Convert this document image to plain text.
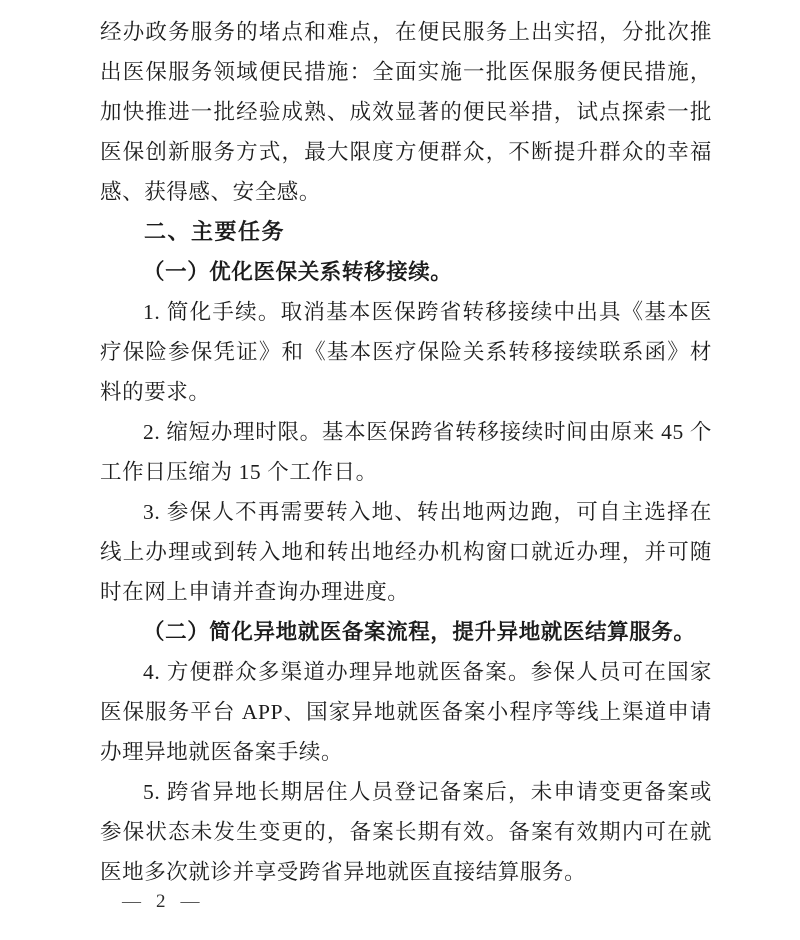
经办政务服务的堵点和难点，在便民服务上出实招，分批次推出医保服务领域便民措施：全面实施一批医保服务便民措施，加快推进一批经验成熟、成效显著的便民举措，试点探索一批医保创新服务方式，最大限度方便群众，不断提升群众的幸福感、获得感、安全感。

二、主要任务

（一）优化医保关系转移接续。

1. 简化手续。取消基本医保跨省转移接续中出具《基本医疗保险参保凭证》和《基本医疗保险关系转移接续联系函》材料的要求。

2. 缩短办理时限。基本医保跨省转移接续时间由原来 45 个工作日压缩为 15 个工作日。

3. 参保人不再需要转入地、转出地两边跑，可自主选择在线上办理或到转入地和转出地经办机构窗口就近办理，并可随时在网上申请并查询办理进度。

（二）简化异地就医备案流程，提升异地就医结算服务。

4. 方便群众多渠道办理异地就医备案。参保人员可在国家医保服务平台 APP、国家异地就医备案小程序等线上渠道申请办理异地就医备案手续。

5. 跨省异地长期居住人员登记备案后，未申请变更备案或参保状态未发生变更的，备案长期有效。备案有效期内可在就医地多次就诊并享受跨省异地就医直接结算服务。

— 2 —
